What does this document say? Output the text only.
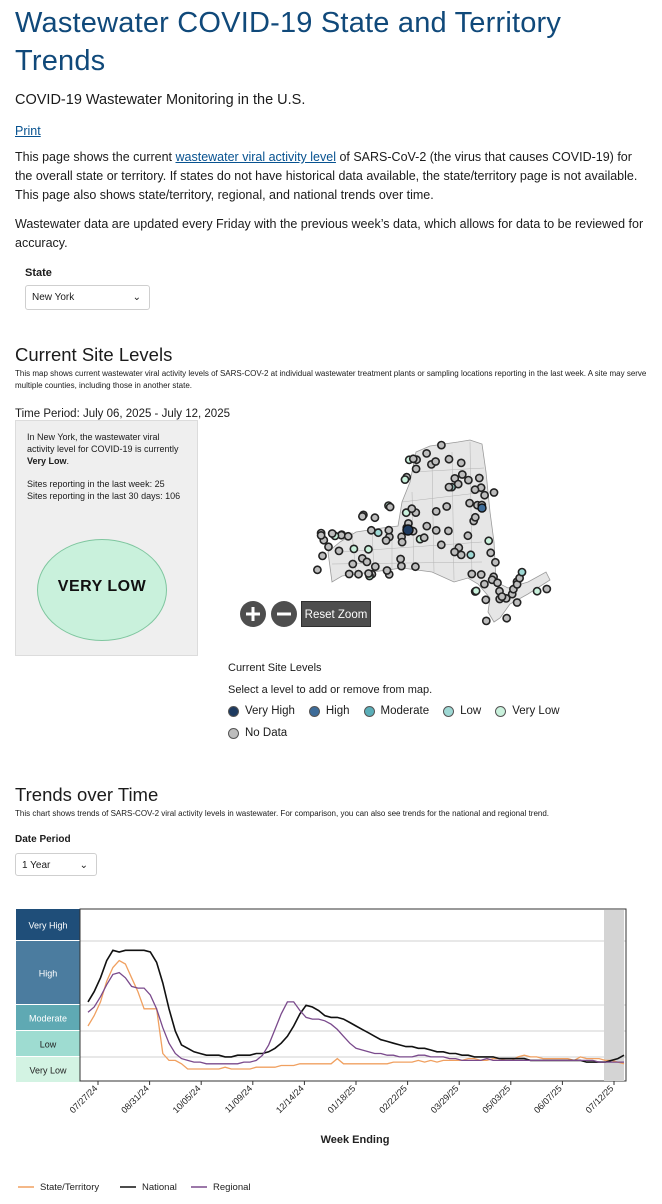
Wastewater COVID-19 State and Territory
Trends
COVID-19 Wastewater Monitoring in the U.S.
Print

This page shows the current wastewater viral activity level of SARS-CoV-2 (the virus that causes COVID-19) for the overall state or territory. If states do not have historical data available, the state/territory page is not available. This page also shows state/territory, regional, and national trends over time.

Wastewater data are updated every Friday with the previous week’s data, which allows for data to be reviewed for accuracy.

State
New York	⌄
Current Site Levels

This map shows current wastewater viral activity levels of SARS-COV-2 at individual wastewater treatment plants or sampling locations reporting in the last week. A site may serve multiple counties, including those in another state.

Time Period: July 06, 2025 - July 12, 2025
In New York, the wastewater viral activity level for COVID-19 is currently Very Low.
Sites reporting in the last week: 25
Sites reporting in the last 30 days: 106
VERY LOW
Reset Zoom
Current Site Levels
Select a level to add or remove from map.
Very High	High	Moderate	Low	Very Low
No Data
Trends over Time

This chart shows trends of SARS-COV-2 viral activity levels in wastewater. For comparison, you can also see trends for the national and regional trend.

Date Period
1 Year	⌄
Very High
High
Moderate
Low
Very Low
07/27/24 08/31/24 10/05/24 11/09/24 12/14/24 01/18/25 02/22/25 03/29/25 05/03/25 06/07/25 07/12/25
Week Ending
State/Territory	National	Regional
